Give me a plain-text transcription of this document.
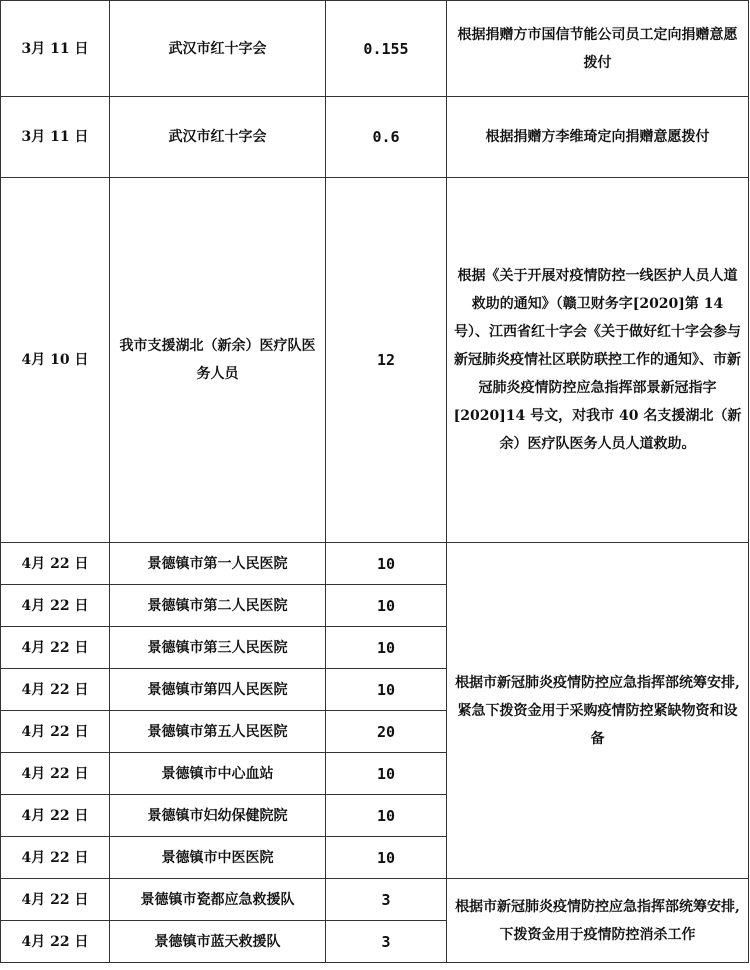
3月 11 日	武汉市红十字会	0.155	根据捐赠方市国信节能公司员工定向捐赠意愿拨付
3月 11 日	武汉市红十字会	0.6	根据捐赠方李维琦定向捐赠意愿拨付
4月 10 日	我市支援湖北（新余）医疗队医务人员	12	根据《关于开展对疫情防控一线医护人员人道救助的通知》（赣卫财务字[2020]第 14 号）、江西省红十字会《关于做好红十字会参与新冠肺炎疫情社区联防联控工作的通知》、市新冠肺炎疫情防控应急指挥部景新冠指字[2020]14 号文，对我市 40 名支援湖北（新余）医疗队医务人员人道救助。
4月 22 日	景德镇市第一人民医院	10	根据市新冠肺炎疫情防控应急指挥部统筹安排,紧急下拨资金用于采购疫情防控紧缺物资和设备
4月 22 日	景德镇市第二人民医院	10	
4月 22 日	景德镇市第三人民医院	10	
4月 22 日	景德镇市第四人民医院	10	
4月 22 日	景德镇市第五人民医院	20	
4月 22 日	景德镇市中心血站	10	
4月 22 日	景德镇市妇幼保健院院	10	
4月 22 日	景德镇市中医医院	10	
4月 22 日	景德镇市瓷都应急救援队	3	根据市新冠肺炎疫情防控应急指挥部统筹安排,下拨资金用于疫情防控消杀工作
4月 22 日	景德镇市蓝天救援队	3	
